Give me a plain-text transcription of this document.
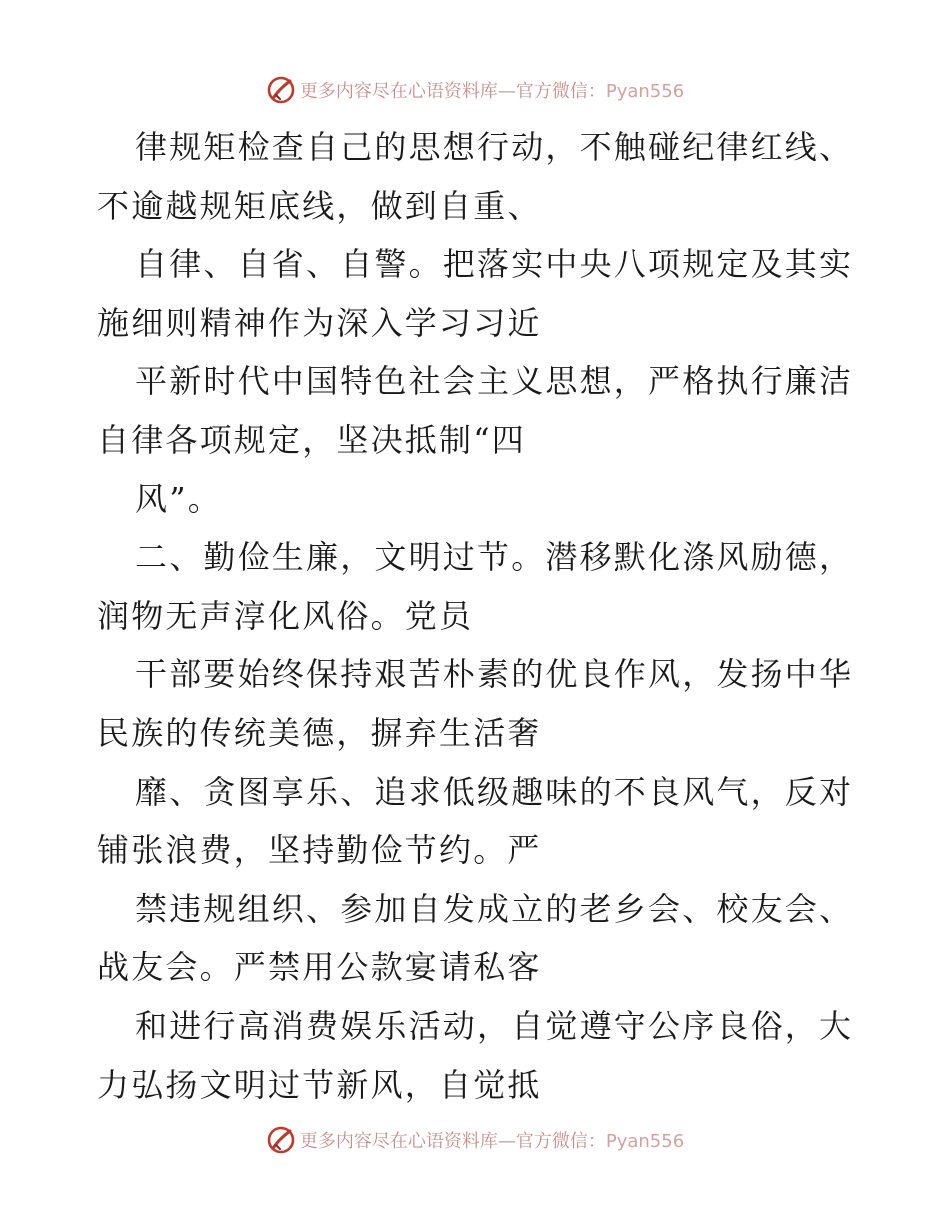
更多内容尽在心语资料库—官方微信：Pyan556

律规矩检查自己的思想行动，不触碰纪律红线、
不逾越规矩底线，做到自重、

自律、自省、自警。把落实中央八项规定及其实
施细则精神作为深入学习习近

平新时代中国特色社会主义思想，严格执行廉洁
自律各项规定，坚决抵制“四

风”。

二、勤俭生廉，文明过节。潜移默化涤风励德，
润物无声淳化风俗。党员

干部要始终保持艰苦朴素的优良作风，发扬中华
民族的传统美德，摒弃生活奢

靡、贪图享乐、追求低级趣味的不良风气，反对
铺张浪费，坚持勤俭节约。严

禁违规组织、参加自发成立的老乡会、校友会、
战友会。严禁用公款宴请私客

和进行高消费娱乐活动，自觉遵守公序良俗，大
力弘扬文明过节新风，自觉抵

更多内容尽在心语资料库—官方微信：Pyan556
